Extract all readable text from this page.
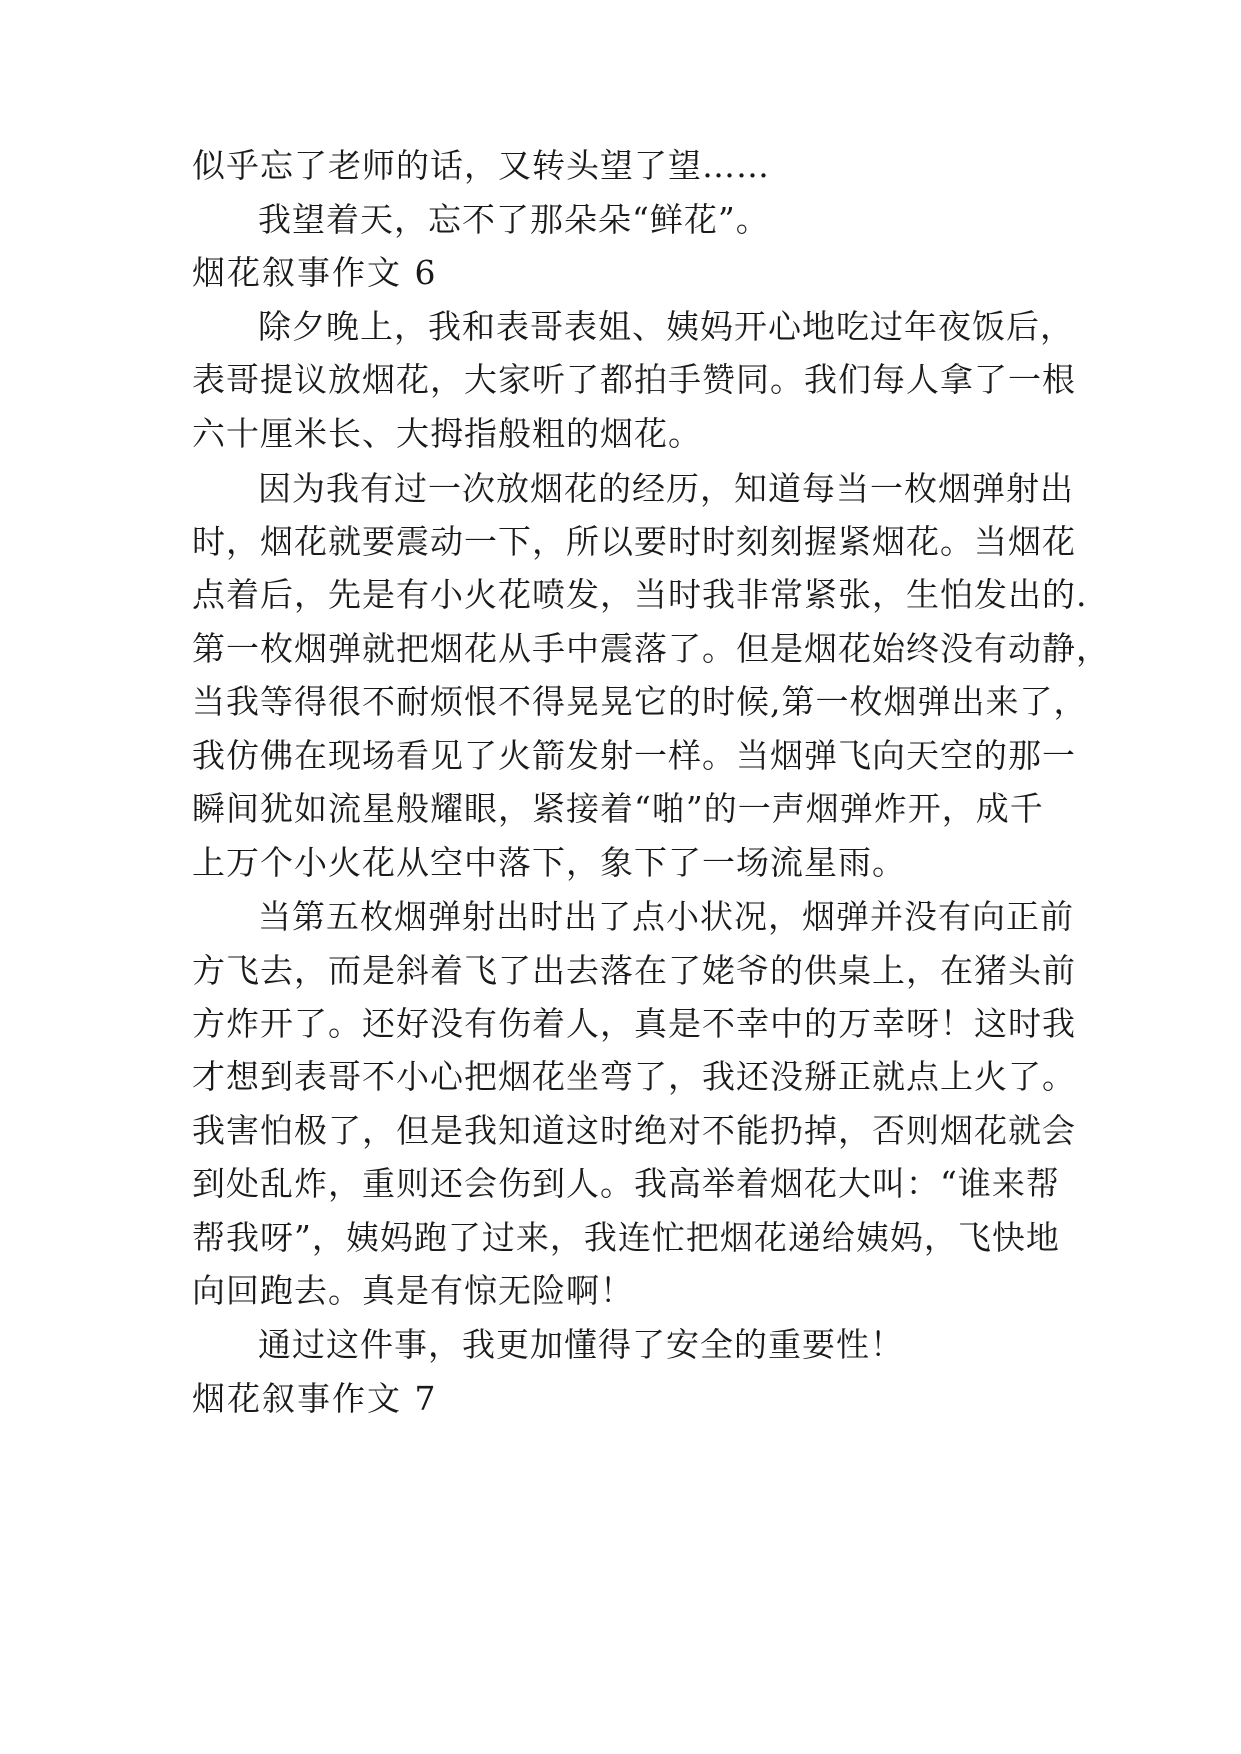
似乎忘了老师的话，又转头望了望……
我望着天，忘不了那朵朵“鲜花”。
烟花叙事作文 6
除夕晚上，我和表哥表姐、姨妈开心地吃过年夜饭后，
表哥提议放烟花，大家听了都拍手赞同。我们每人拿了一根
六十厘米长、大拇指般粗的烟花。
因为我有过一次放烟花的经历，知道每当一枚烟弹射出
时，烟花就要震动一下，所以要时时刻刻握紧烟花。当烟花
点着后，先是有小火花喷发，当时我非常紧张，生怕发出的.
第一枚烟弹就把烟花从手中震落了。但是烟花始终没有动静，
当我等得很不耐烦恨不得晃晃它的时候,第一枚烟弹出来了，
我仿佛在现场看见了火箭发射一样。当烟弹飞向天空的那一
瞬间犹如流星般耀眼，紧接着“啪”的一声烟弹炸开，成千
上万个小火花从空中落下，象下了一场流星雨。
当第五枚烟弹射出时出了点小状况，烟弹并没有向正前
方飞去，而是斜着飞了出去落在了姥爷的供桌上，在猪头前
方炸开了。还好没有伤着人，真是不幸中的万幸呀！这时我
才想到表哥不小心把烟花坐弯了，我还没掰正就点上火了。
我害怕极了，但是我知道这时绝对不能扔掉，否则烟花就会
到处乱炸，重则还会伤到人。我高举着烟花大叫：“谁来帮
帮我呀”，姨妈跑了过来，我连忙把烟花递给姨妈，飞快地
向回跑去。真是有惊无险啊！
通过这件事，我更加懂得了安全的重要性！
烟花叙事作文 7
